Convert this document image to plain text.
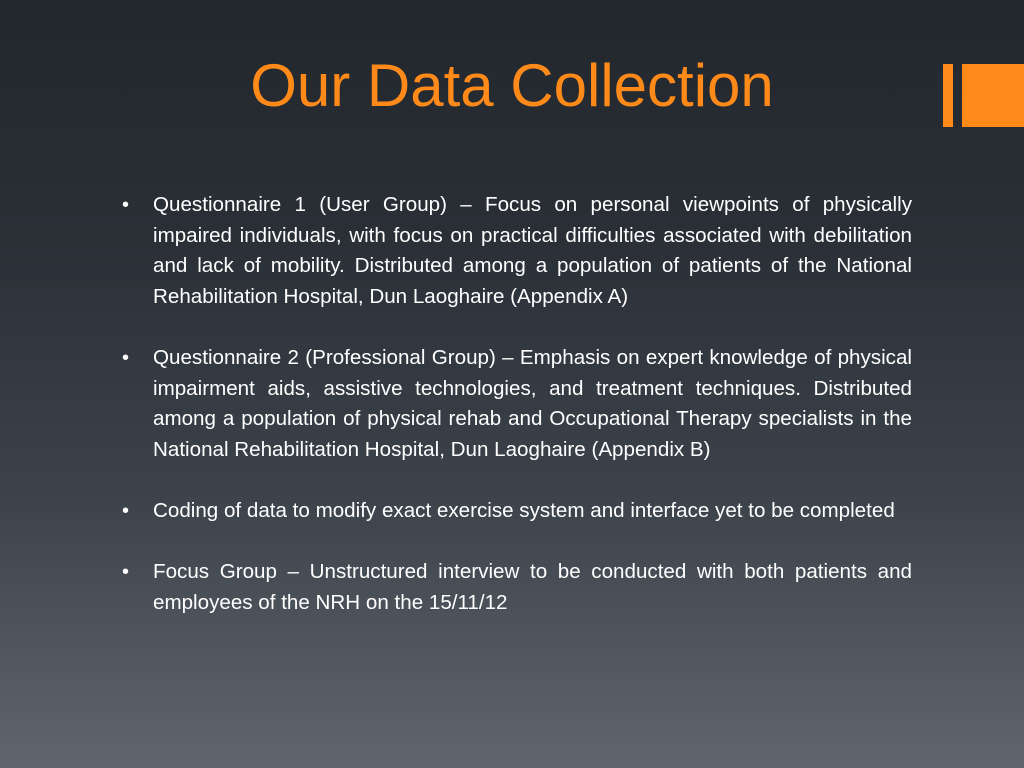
Our Data Collection
• Questionnaire 1 (User Group) – Focus on personal viewpoints of physically impaired individuals, with focus on practical difficulties associated with debilitation and lack of mobility. Distributed among a population of patients of the National Rehabilitation Hospital, Dun Laoghaire (Appendix A)
• Questionnaire 2 (Professional Group) – Emphasis on expert knowledge of physical impairment aids, assistive technologies, and treatment techniques. Distributed among a population of physical rehab and Occupational Therapy specialists in the National Rehabilitation Hospital, Dun Laoghaire (Appendix B)
• Coding of data to modify exact exercise system and interface yet to be completed
• Focus Group – Unstructured interview to be conducted with both patients and employees of the NRH on the 15/11/12
